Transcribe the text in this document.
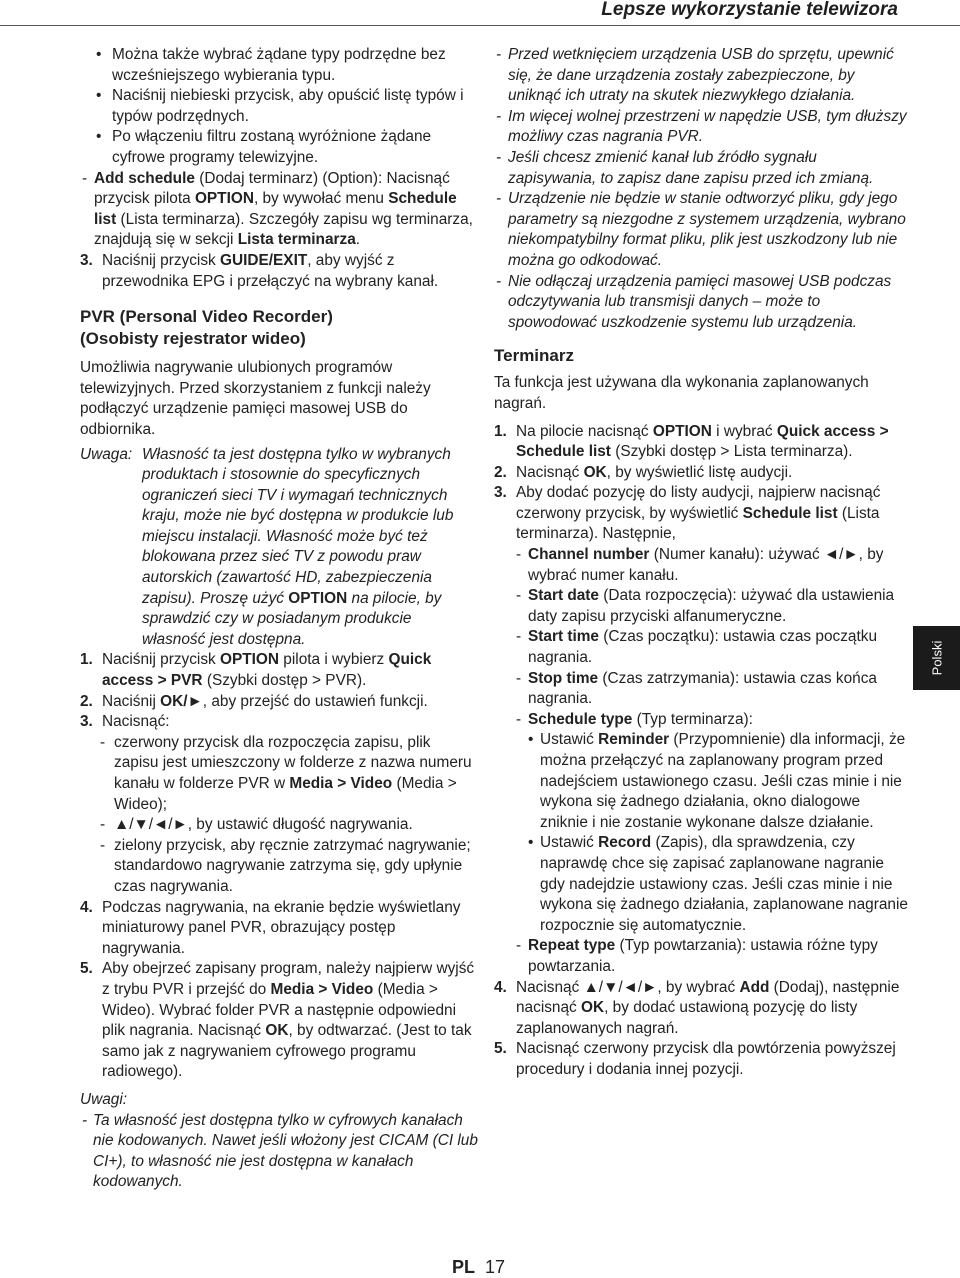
Lepsze wykorzystanie telewizora
Polski
PL 17

• Można także wybrać żądane typy podrzędne bez wcześniejszego wybierania typu.

• Naciśnij niebieski przycisk, aby opuścić listę typów i typów podrzędnych.

• Po włączeniu filtru zostaną wyróżnione żądane cyfrowe programy telewizyjne.

- Add schedule (Dodaj terminarz) (Option): Nacisnąć przycisk pilota OPTION, by wywołać menu Schedule list (Lista terminarza). Szczegóły zapisu wg terminarza, znajdują się w sekcji Lista terminarza.

3. Naciśnij przycisk GUIDE/EXIT, aby wyjść z przewodnika EPG i przełączyć na wybrany kanał.

PVR (Personal Video Recorder)
(Osobisty rejestrator wideo)

Umożliwia nagrywanie ulubionych programów telewizyjnych. Przed skorzystaniem z funkcji należy podłączyć urządzenie pamięci masowej USB do odbiornika.

Uwaga: Własność ta jest dostępna tylko w wybranych produktach i stosownie do specyficznych ograniczeń sieci TV i wymagań technicznych kraju, może nie być dostępna w produkcie lub miejscu instalacji. Własność może być też blokowana przez sieć TV z powodu praw autorskich (zawartość HD, zabezpieczenia zapisu). Proszę użyć OPTION na pilocie, by sprawdzić czy w posiadanym produkcie własność jest dostępna.

1. Naciśnij przycisk OPTION pilota i wybierz Quick access > PVR (Szybki dostęp > PVR).

2. Naciśnij OK/►, aby przejść do ustawień funkcji.

3. Nacisnąć:

- czerwony przycisk dla rozpoczęcia zapisu, plik zapisu jest umieszczony w folderze z nazwa numeru kanału w folderze PVR w Media > Video (Media > Wideo);

- ▲/▼/◄/►, by ustawić długość nagrywania.

- zielony przycisk, aby ręcznie zatrzymać nagrywanie; standardowo nagrywanie zatrzyma się, gdy upłynie czas nagrywania.

4. Podczas nagrywania, na ekranie będzie wyświetlany miniaturowy panel PVR, obrazujący postęp nagrywania.

5. Aby obejrzeć zapisany program, należy najpierw wyjść z trybu PVR i przejść do Media > Video (Media > Wideo). Wybrać folder PVR a następnie odpowiedni plik nagrania. Nacisnąć OK, by odtwarzać. (Jest to tak samo jak z nagrywaniem cyfrowego programu radiowego).

Uwagi:

- Ta własność jest dostępna tylko w cyfrowych kanałach nie kodowanych. Nawet jeśli włożony jest CICAM (CI lub CI+), to własność nie jest dostępna w kanałach kodowanych.

- Przed wetknięciem urządzenia USB do sprzętu, upewnić się, że dane urządzenia zostały zabezpieczone, by uniknąć ich utraty na skutek niezwykłego działania.

- Im więcej wolnej przestrzeni w napędzie USB, tym dłuższy możliwy czas nagrania PVR.

- Jeśli chcesz zmienić kanał lub źródło sygnału zapisywania, to zapisz dane zapisu przed ich zmianą.

- Urządzenie nie będzie w stanie odtworzyć pliku, gdy jego parametry są niezgodne z systemem urządzenia, wybrano niekompatybilny format pliku, plik jest uszkodzony lub nie można go odkodować.

- Nie odłączaj urządzenia pamięci masowej USB podczas odczytywania lub transmisji danych – może to spowodować uszkodzenie systemu lub urządzenia.

Terminarz

Ta funkcja jest używana dla wykonania zaplanowanych nagrań.

1. Na pilocie nacisnąć OPTION i wybrać Quick access > Schedule list (Szybki dostęp > Lista terminarza).

2. Nacisnąć OK, by wyświetlić listę audycji.

3. Aby dodać pozycję do listy audycji, najpierw nacisnąć czerwony przycisk, by wyświetlić Schedule list (Lista terminarza). Następnie,

- Channel number (Numer kanału): używać ◄/►, by wybrać numer kanału.

- Start date (Data rozpoczęcia): używać dla ustawienia daty zapisu przyciski alfanumeryczne.

- Start time (Czas początku): ustawia czas początku nagrania.

- Stop time (Czas zatrzymania): ustawia czas końca nagrania.

- Schedule type (Typ terminarza):

• Ustawić Reminder (Przypomnienie) dla informacji, że można przełączyć na zaplanowany program przed nadejściem ustawionego czasu. Jeśli czas minie i nie wykona się żadnego działania, okno dialogowe zniknie i nie zostanie wykonane dalsze działanie.

• Ustawić Record (Zapis), dla sprawdzenia, czy naprawdę chce się zapisać zaplanowane nagranie gdy nadejdzie ustawiony czas. Jeśli czas minie i nie wykona się żadnego działania, zaplanowane nagranie rozpocznie się automatycznie.

- Repeat type (Typ powtarzania): ustawia różne typy powtarzania.

4. Nacisnąć ▲/▼/◄/►, by wybrać Add (Dodaj), następnie nacisnąć OK, by dodać ustawioną pozycję do listy zaplanowanych nagrań.

5. Nacisnąć czerwony przycisk dla powtórzenia powyższej procedury i dodania innej pozycji.
